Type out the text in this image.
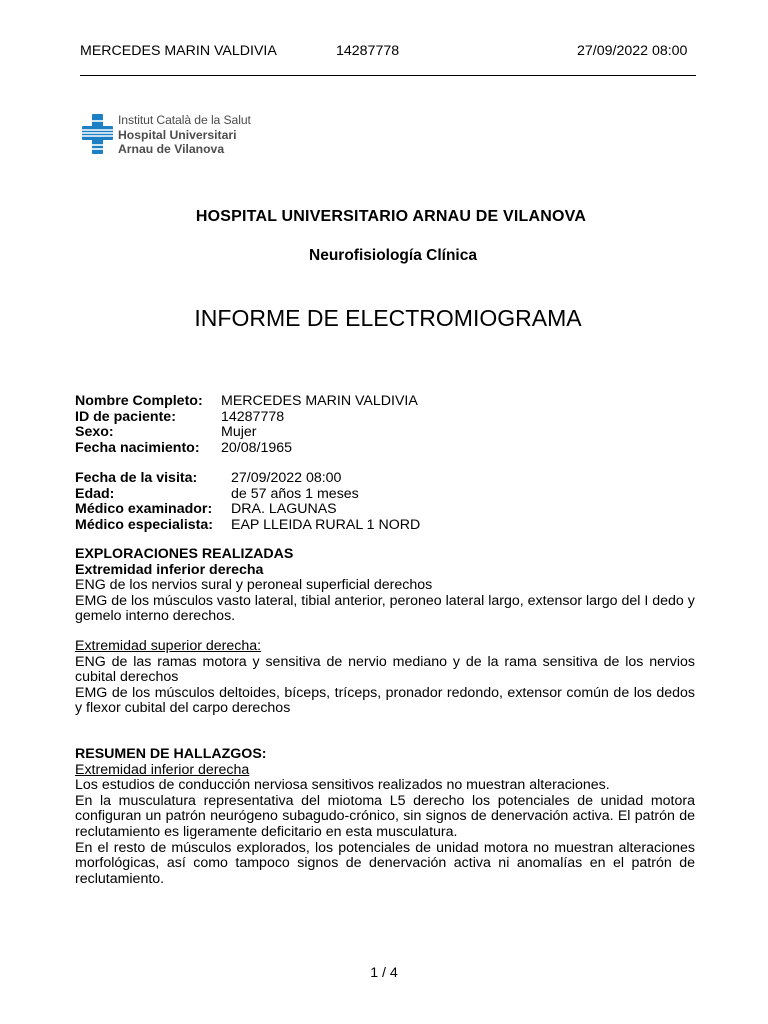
MERCEDES MARIN VALDIVIA	14287778	27/09/2022 08:00
Institut Català de la Salut
Hospital Universitari
Arnau de Vilanova
HOSPITAL UNIVERSITARIO ARNAU DE VILANOVA
Neurofisiología Clínica
INFORME DE ELECTROMIOGRAMA
Nombre Completo: MERCEDES MARIN VALDIVIA
ID de paciente:	14287778
Sexo:	Mujer
Fecha nacimiento: 20/08/1965
Fecha de la visita: 27/09/2022 08:00
Edad:	de 57 años 1 meses
Médico examinador: DRA. LAGUNAS
Médico especialista: EAP LLEIDA RURAL 1 NORD

EXPLORACIONES REALIZADAS

Extremidad inferior derecha

ENG de los nervios sural y peroneal superficial derechos

EMG de los músculos vasto lateral, tibial anterior, peroneo lateral largo, extensor largo del I dedo y gemelo interno derechos.

Extremidad superior derecha:

ENG de las ramas motora y sensitiva de nervio mediano y de la rama sensitiva de los nervios cubital derechos

EMG de los músculos deltoides, bíceps, tríceps, pronador redondo, extensor común de los dedos y flexor cubital del carpo derechos

RESUMEN DE HALLAZGOS:

Extremidad inferior derecha

Los estudios de conducción nerviosa sensitivos realizados no muestran alteraciones.

En la musculatura representativa del miotoma L5 derecho los potenciales de unidad motora configuran un patrón neurógeno subagudo-crónico, sin signos de denervación activa. El patrón de reclutamiento es ligeramente deficitario en esta musculatura.

En el resto de músculos explorados, los potenciales de unidad motora no muestran alteraciones morfológicas, así como tampoco signos de denervación activa ni anomalías en el patrón de reclutamiento.

1 / 4
